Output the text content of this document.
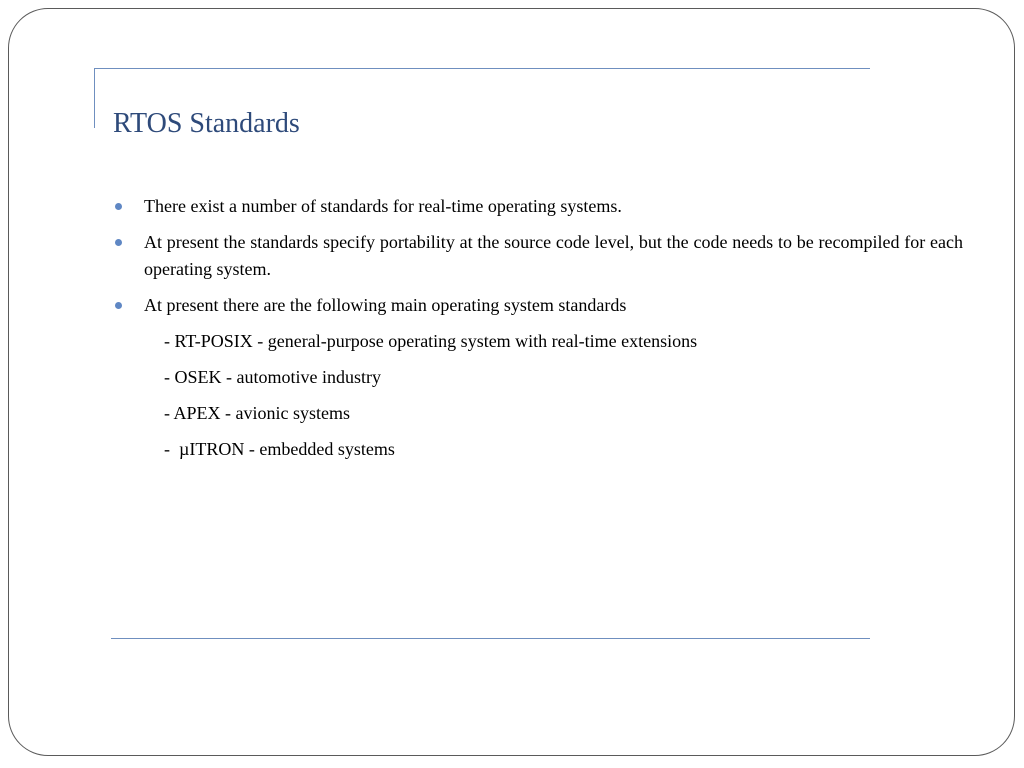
RTOS Standards
There exist a number of standards for real-time operating systems.
At present the standards specify portability at the source code level, but the code needs to be recompiled for each operating system.
At present there are the following main operating system standards
- RT-POSIX - general-purpose operating system with real-time extensions
- OSEK - automotive industry
- APEX - avionic systems
-  µITRON - embedded systems
